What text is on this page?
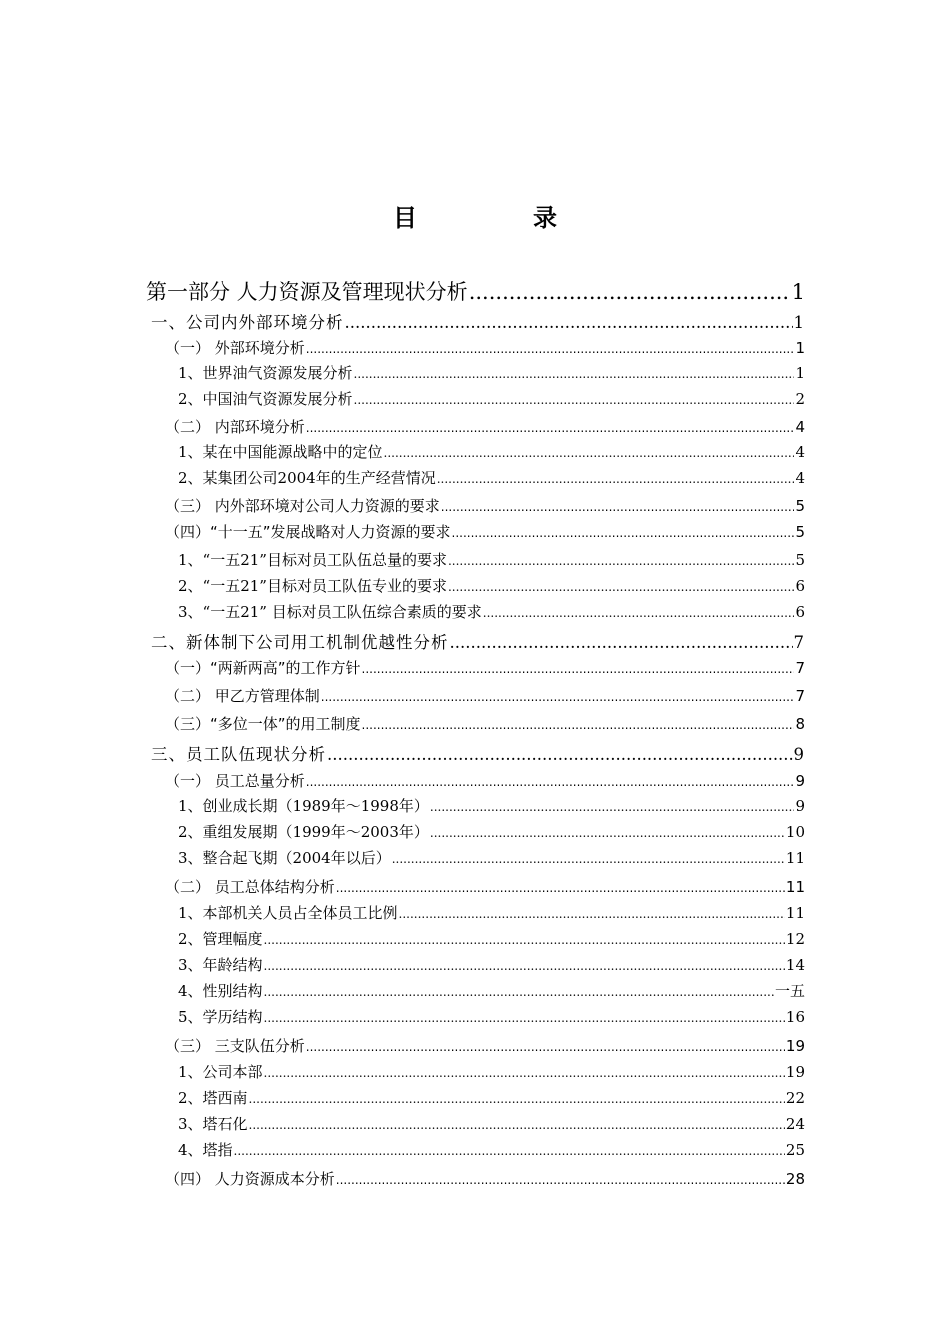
目　录
第一部分 人力资源及管理现状分析 .....	1
一、公司内外部环境分析 .....	1
（一） 外部环境分析 .....	1
1、世界油气资源发展分析 .....	1
2、中国油气资源发展分析 .....	2
（二） 内部环境分析 .....	4
1、某在中国能源战略中的定位 .....	4
2、某集团公司2004年的生产经营情况 .....	4
（三） 内外部环境对公司人力资源的要求 .....	5
（四）“十一五”发展战略对人力资源的要求 .....	5
1、“一五21”目标对员工队伍总量的要求 .....	5
2、“一五21”目标对员工队伍专业的要求 .....	6
3、“一五21” 目标对员工队伍综合素质的要求 .....	6
二、新体制下公司用工机制优越性分析 .....	7
（一）“两新两高”的工作方针 .....	7
（二） 甲乙方管理体制 .....	7
（三）“多位一体”的用工制度 .....	8
三、员工队伍现状分析 .....	9
（一） 员工总量分析 .....	9
1、创业成长期（1989年～1998年） .....	9
2、重组发展期（1999年～2003年） .....	10
3、整合起飞期（2004年以后） .....	11
（二） 员工总体结构分析 .....	11
1、本部机关人员占全体员工比例 .....	11
2、管理幅度 .....	12
3、年龄结构 .....	14
4、性别结构 .....	一五
5、学历结构 .....	16
（三） 三支队伍分析 .....	19
1、公司本部 .....	19
2、塔西南 .....	22
3、塔石化 .....	24
4、塔指 .....	25
（四） 人力资源成本分析 .....	28
